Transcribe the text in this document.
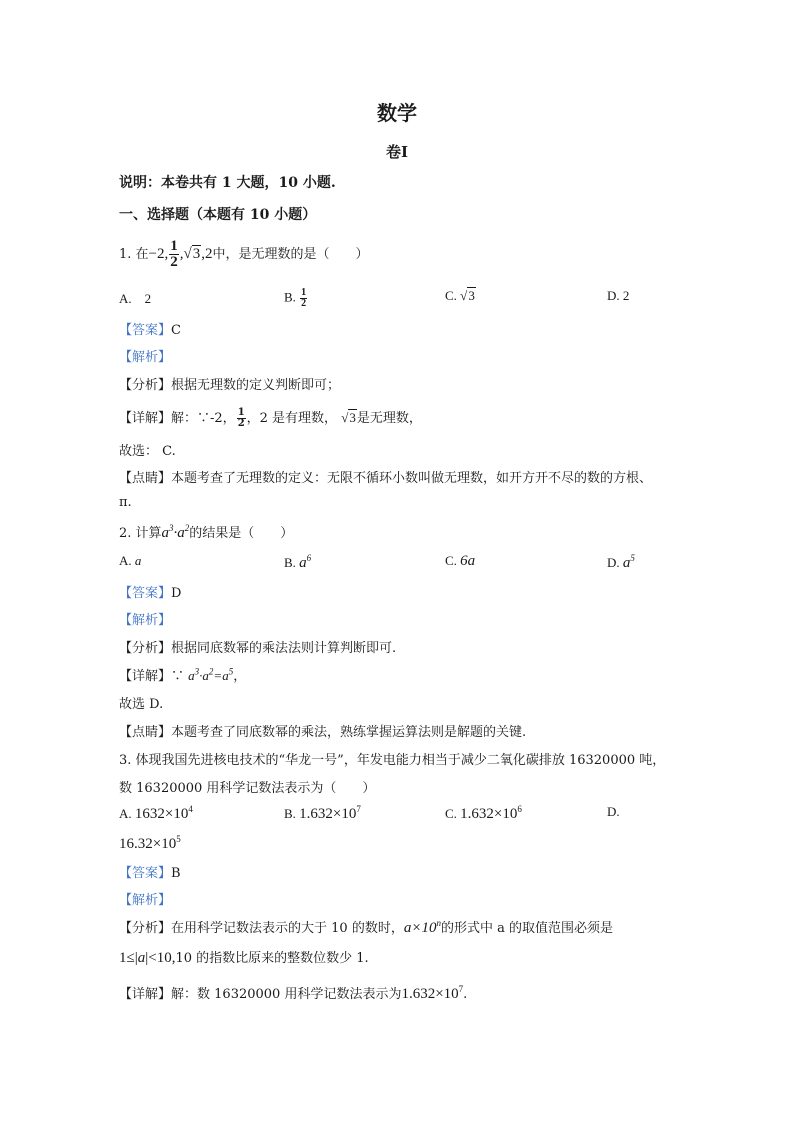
数学
卷Ⅰ
说明：本卷共有 1 大题，10 小题.
一、选择题（本题有 10 小题）
1. 在−2, $\frac{1}{2} ,√3,2$中，是无理数的是（　　）
A.　2	B. $\frac{1}{2}$	C. √3	D. 2
【答案】C
【解析】
【分析】根据无理数的定义判断即可；
【详解】解：∵-2， $\frac{1}{2}$ ，2 是有理数， √3是无理数，
故选： C.
【点睛】本题考查了无理数的定义：无限不循环小数叫做无理数，如开方开不尽的数的方根、
π.
2. 计算$a^3\cdot a^2$的结果是（　　）
A. a	B. $a^6$	C. 6a	D. $a^5$
【答案】D
【解析】
【分析】根据同底数幂的乘法法则计算判断即可.
【详解】∵ $a^3\cdot a^2=a^5$，
故选 D.
【点睛】本题考查了同底数幂的乘法，熟练掌握运算法则是解题的关键.
3. 体现我国先进核电技术的“华龙一号”，年发电能力相当于减少二氧化碳排放 16320000 吨，
数 16320000 用科学记数法表示为（　　）
A. $1632\times 10^4$	B. $1.632\times 10^7$	C. $1.632\times 10^6$	D.
$16.32\times 10^5$
【答案】B
【解析】
【分析】在用科学记数法表示的大于 10 的数时，$a\times 10^n$的形式中 a 的取值范围必须是
1≤|a|<10,10 的指数比原来的整数位数少 1.
【详解】解：数 16320000 用科学记数法表示为$1.632\times 10^7$.
